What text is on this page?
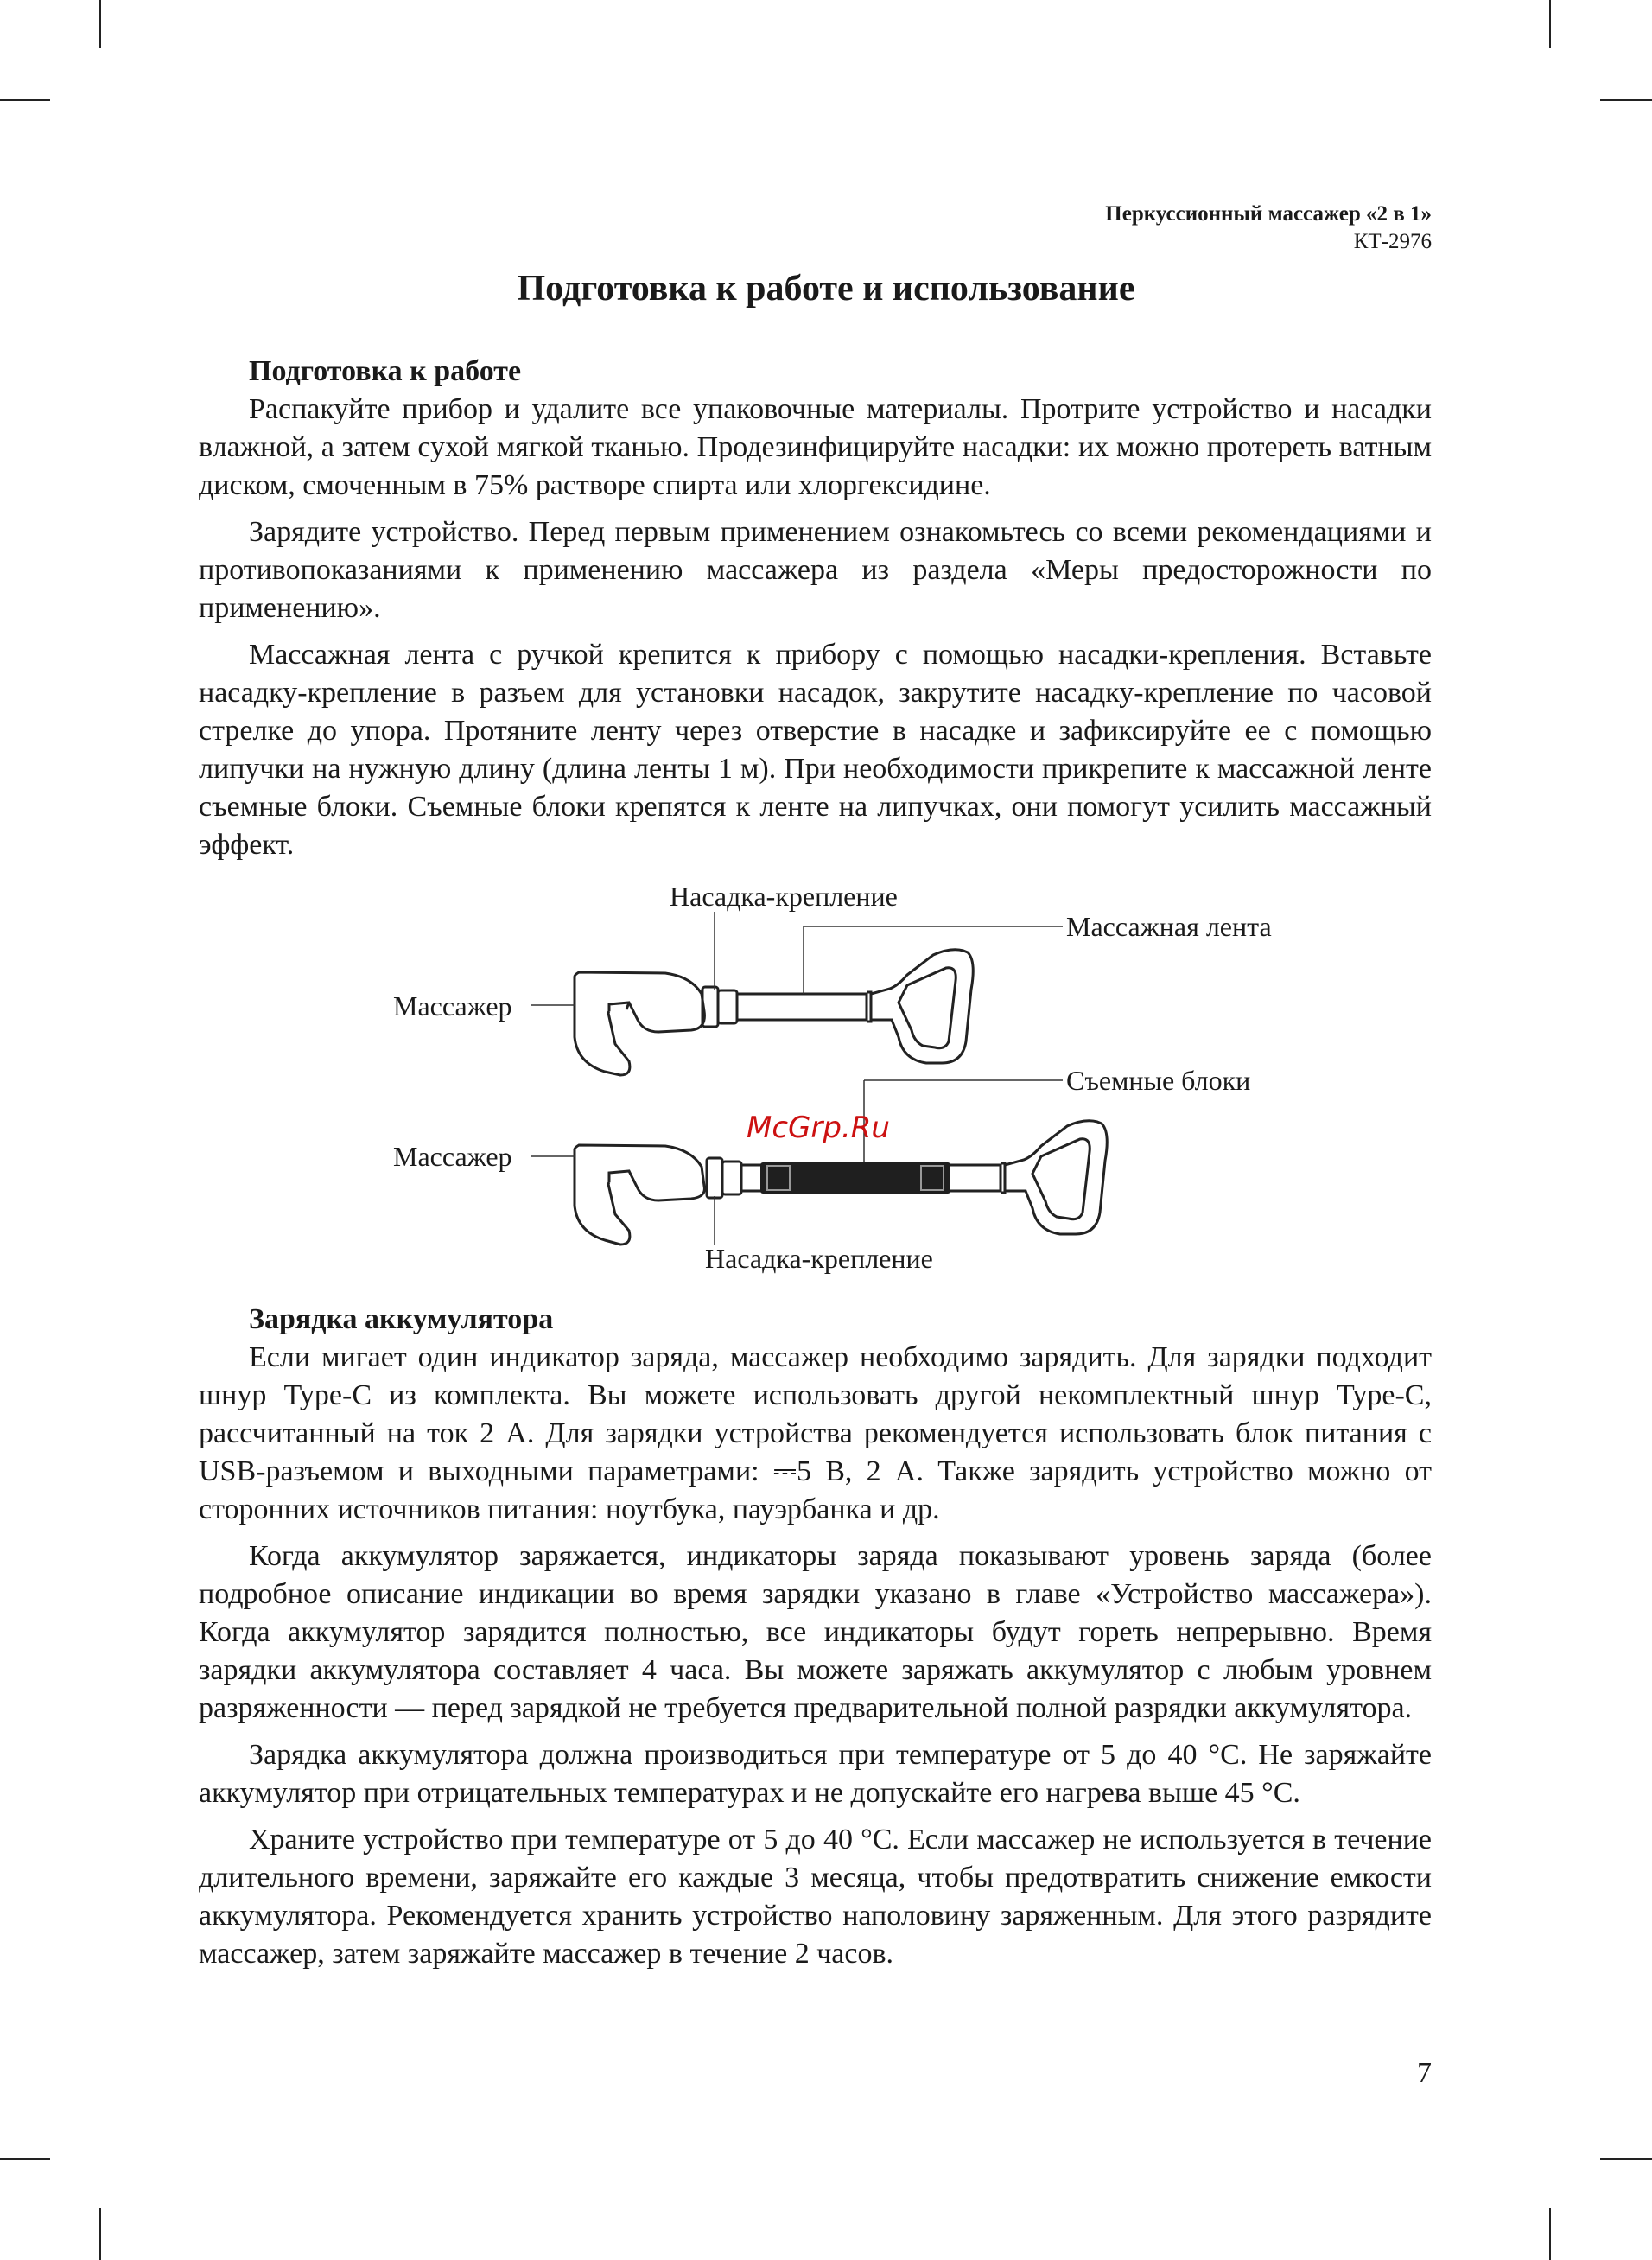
Перкуссионный массажер «2 в 1»
КТ-2976
Подготовка к работе и использование
Подготовка к работе

Распакуйте прибор и удалите все упаковочные материалы. Протрите устройство и насадки влажной, а затем сухой мягкой тканью. Продезинфицируйте насадки: их можно протереть ватным диском, смоченным в 75% растворе спирта или хлоргексидине.

Зарядите устройство. Перед первым применением ознакомьтесь со всеми рекомендациями и противопоказаниями к применению массажера из раздела «Меры предосторожности по применению».

Массажная лента с ручкой крепится к прибору с помощью насадки-крепления. Вставьте насадку-крепление в разъем для установки насадок, закрутите насадку-крепление по часовой стрелке до упора. Протяните ленту через отверстие в насадке и зафиксируйте ее с помощью липучки на нужную длину (длина ленты 1 м). При необходимости прикрепите к массажной ленте съемные блоки. Съемные блоки крепятся к ленте на липучках, они помогут усилить массажный эффект.

Насадка-крепление
Массажная лента
Массажер
Съемные блоки
Массажер
Насадка-крепление
McGrp.Ru
Зарядка аккумулятора

Если мигает один индикатор заряда, массажер необходимо зарядить. Для зарядки подходит шнур Type-C из комплекта. Вы можете использовать другой некомплектный шнур Type-C, рассчитанный на ток 2 А. Для зарядки устройства рекомендуется использовать блок питания с USB-разъемом и выходными параметрами: ⎓5 В, 2 А. Также зарядить устройство можно от сторонних источников питания: ноутбука, пауэрбанка и др.

Когда аккумулятор заряжается, индикаторы заряда показывают уровень заряда (более подробное описание индикации во время зарядки указано в главе «Устройство массажера»). Когда аккумулятор зарядится полностью, все индикаторы будут гореть непрерывно. Время зарядки аккумулятора составляет 4 часа. Вы можете заряжать аккумулятор с любым уровнем разряженности — перед зарядкой не требуется предварительной полной разрядки аккумулятора.

Зарядка аккумулятора должна производиться при температуре от 5 до 40 °С. Не заряжайте аккумулятор при отрицательных температурах и не допускайте его нагрева выше 45 °С.

Храните устройство при температуре от 5 до 40 °С. Если массажер не используется в течение длительного времени, заряжайте его каждые 3 месяца, чтобы предотвратить снижение емкости аккумулятора. Рекомендуется хранить устройство наполовину заряженным. Для этого разрядите массажер, затем заряжайте массажер в течение 2 часов.

7
